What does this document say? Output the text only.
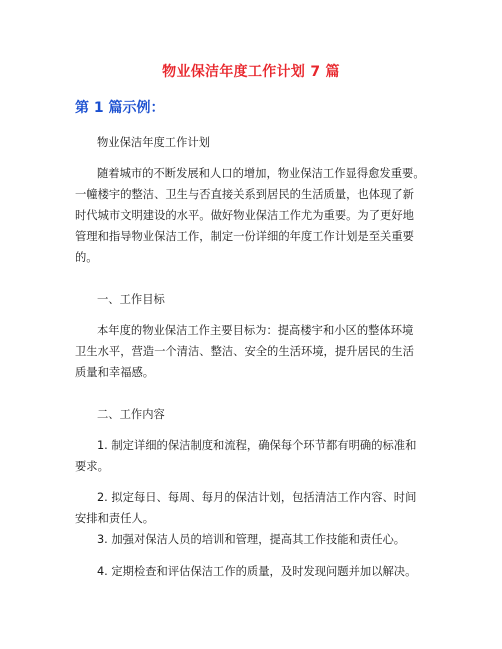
物业保洁年度工作计划 7 篇
第 1 篇示例：

物业保洁年度工作计划

随着城市的不断发展和人口的增加，物业保洁工作显得愈发重要。
一幢楼宇的整洁、卫生与否直接关系到居民的生活质量，也体现了新
时代城市文明建设的水平。做好物业保洁工作尤为重要。为了更好地
管理和指导物业保洁工作，制定一份详细的年度工作计划是至关重要
的。

一、工作目标

本年度的物业保洁工作主要目标为：提高楼宇和小区的整体环境
卫生水平，营造一个清洁、整洁、安全的生活环境，提升居民的生活
质量和幸福感。

二、工作内容

1. 制定详细的保洁制度和流程，确保每个环节都有明确的标准和
要求。

2. 拟定每日、每周、每月的保洁计划，包括清洁工作内容、时间
安排和责任人。

3. 加强对保洁人员的培训和管理，提高其工作技能和责任心。

4. 定期检查和评估保洁工作的质量，及时发现问题并加以解决。
